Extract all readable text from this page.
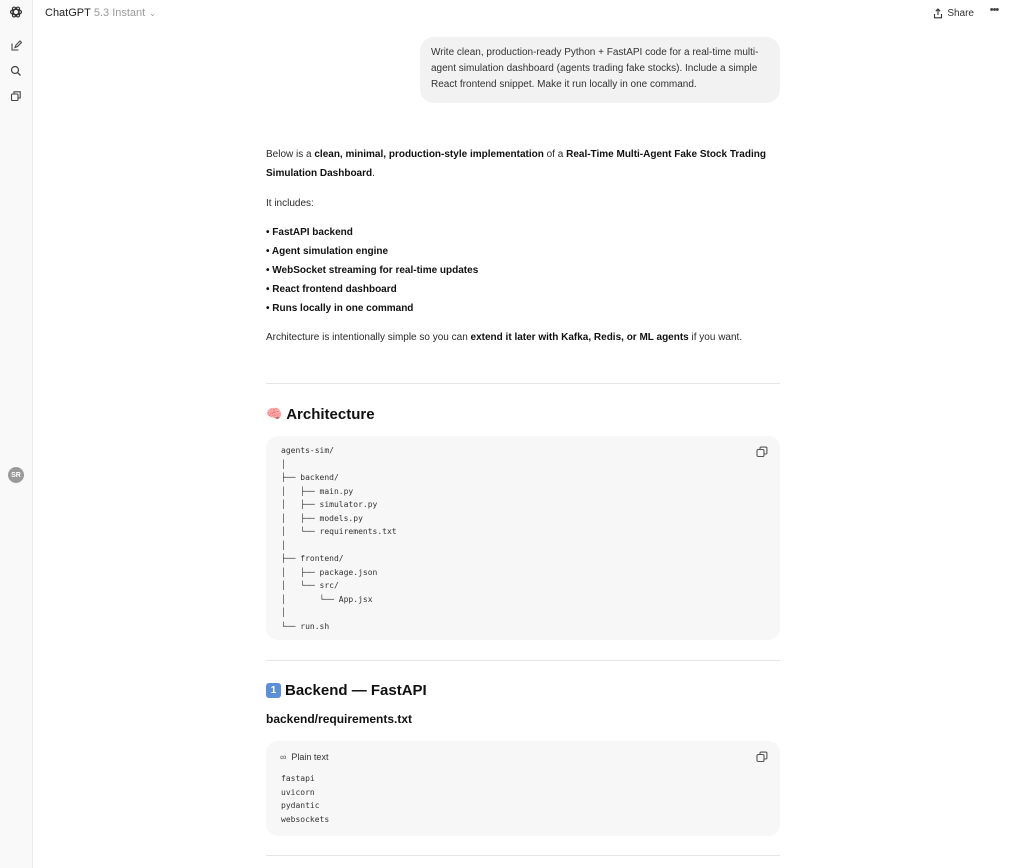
SR
ChatGPT 5.3 Instant ⌄	Share	•••
Write clean, production-ready Python + FastAPI code for a real-time multi-agent simulation dashboard (agents trading fake stocks). Include a simple React frontend snippet. Make it run locally in one command.

Below is a clean, minimal, production-style implementation of a Real-Time Multi-Agent Fake Stock Trading Simulation Dashboard.

It includes:
• FastAPI backend
• Agent simulation engine
• WebSocket streaming for real-time updates
• React frontend dashboard
• Runs locally in one command

Architecture is intentionally simple so you can extend it later with Kafka, Redis, or ML agents if you want.

🧠 Architecture
agents-sim/
│
├── backend/
│   ├── main.py
│   ├── simulator.py
│   ├── models.py
│   └── requirements.txt
│
├── frontend/
│   ├── package.json
│   └── src/
│       └── App.jsx
│
└── run.sh
1 Backend — FastAPI
backend/requirements.txt
∞ Plain text
fastapi
uvicorn
pydantic
websockets
